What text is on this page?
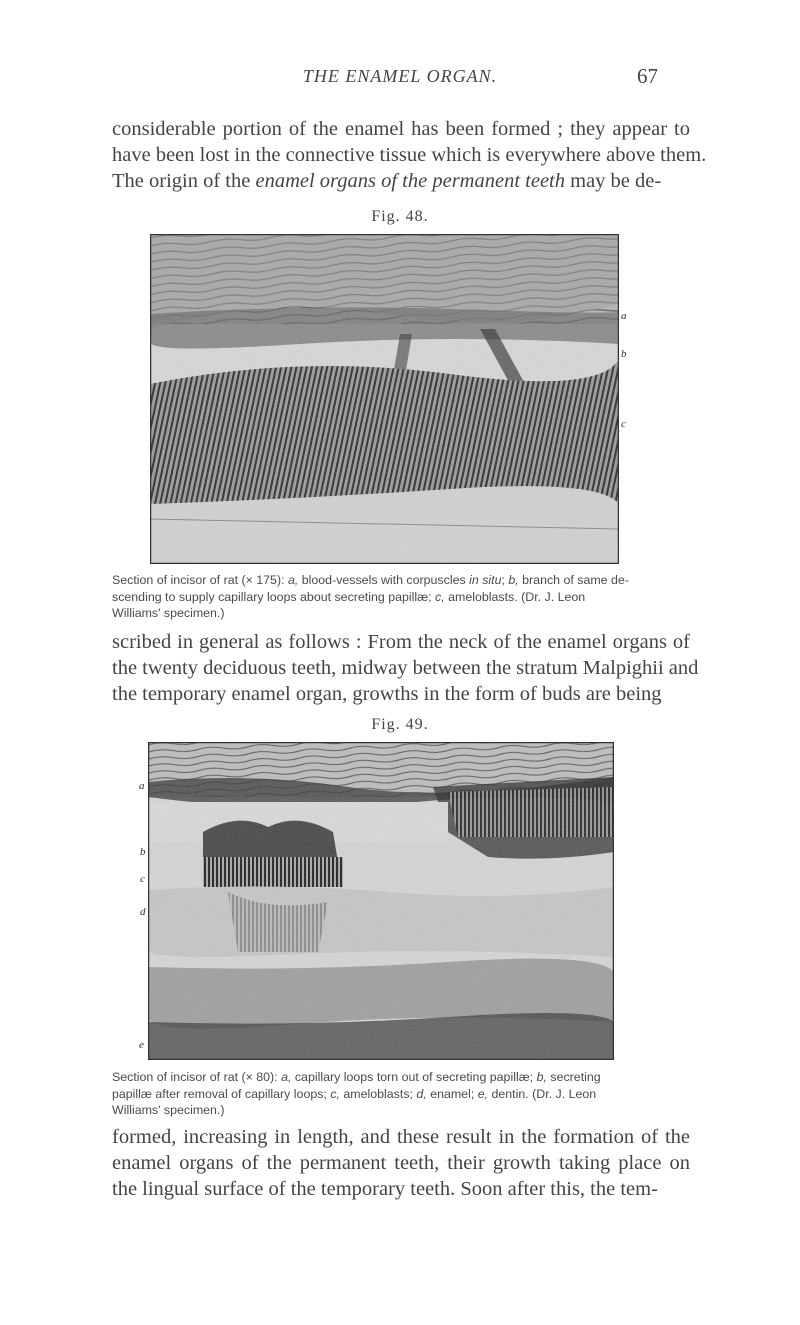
THE ENAMEL ORGAN.	67

considerable portion of the enamel has been formed ; they appear to
have been lost in the connective tissue which is everywhere above them.
The origin of the enamel organs of the permanent teeth may be de-

Fig. 48.
a
b
c

Section of incisor of rat (× 175): a, blood-vessels with corpuscles in situ; b, branch of same de-
scending to supply capillary loops about secreting papillæ; c, ameloblasts. (Dr. J. Leon
Williams' specimen.)

scribed in general as follows : From the neck of the enamel organs of
the twenty deciduous teeth, midway between the stratum Malpighii and
the temporary enamel organ, growths in the form of buds are being

Fig. 49.
a
b
c
d
e

Section of incisor of rat (× 80): a, capillary loops torn out of secreting papillæ; b, secreting
papillæ after removal of capillary loops; c, ameloblasts; d, enamel; e, dentin. (Dr. J. Leon
Williams' specimen.)

formed, increasing in length, and these result in the formation of the
enamel organs of the permanent teeth, their growth taking place on
the lingual surface of the temporary teeth. Soon after this, the tem-
